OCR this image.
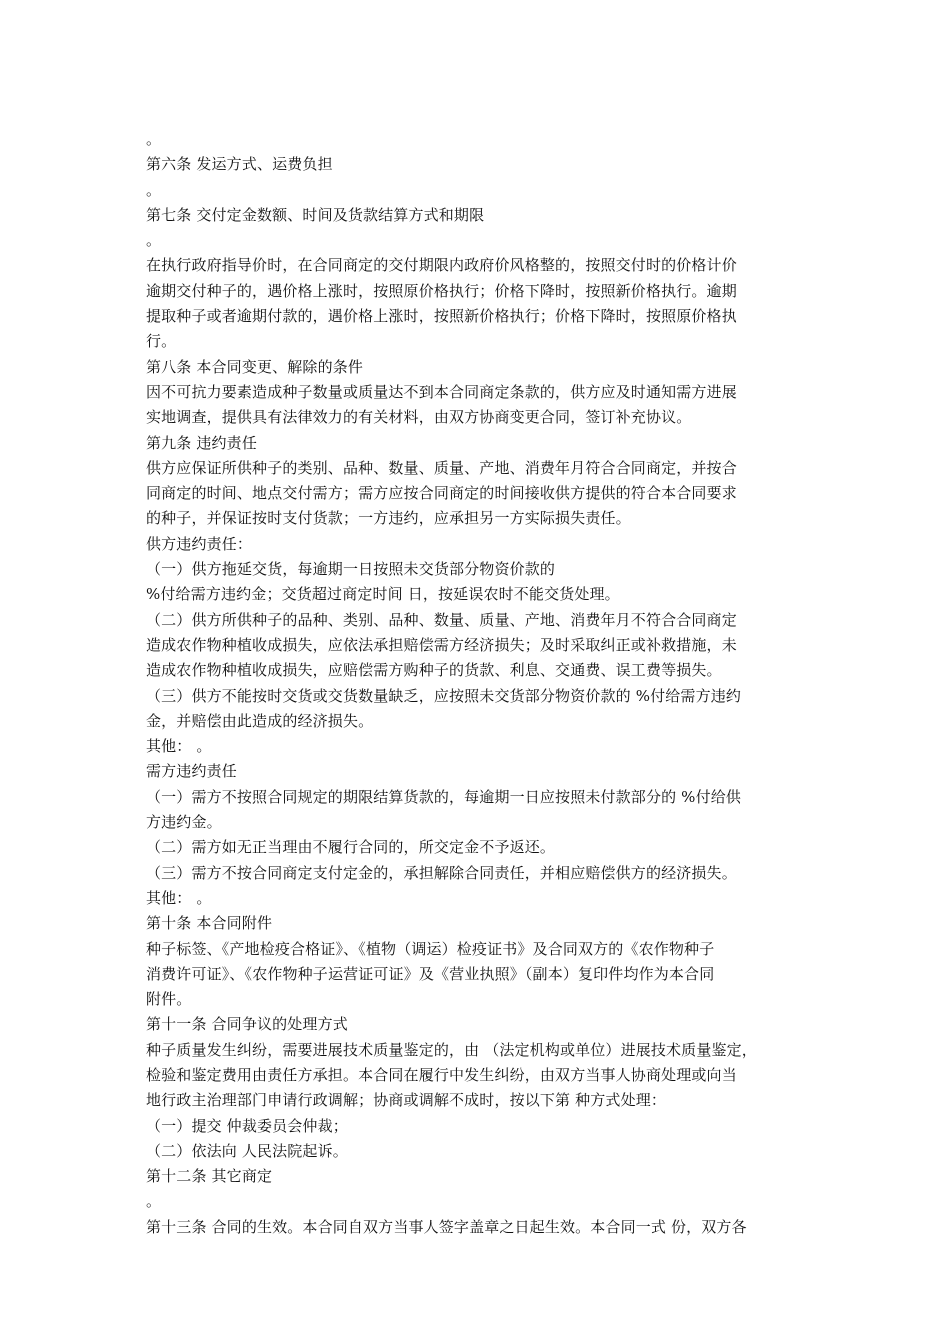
。
第六条 发运方式、运费负担
。
第七条 交付定金数额、时间及货款结算方式和期限
。
在执行政府指导价时，在合同商定的交付期限内政府价风格整的，按照交付时的价格计价
逾期交付种子的，遇价格上涨时，按照原价格执行；价格下降时，按照新价格执行。逾期
提取种子或者逾期付款的，遇价格上涨时，按照新价格执行；价格下降时，按照原价格执
行。
第八条 本合同变更、解除的条件
因不可抗力要素造成种子数量或质量达不到本合同商定条款的，供方应及时通知需方进展
实地调查，提供具有法律效力的有关材料，由双方协商变更合同，签订补充协议。
第九条 违约责任
供方应保证所供种子的类别、品种、数量、质量、产地、消费年月符合合同商定，并按合
同商定的时间、地点交付需方；需方应按合同商定的时间接收供方提供的符合本合同要求
的种子，并保证按时支付货款；一方违约，应承担另一方实际损失责任。
供方违约责任：
（一）供方拖延交货，每逾期一日按照未交货部分物资价款的
%付给需方违约金；交货超过商定时间 日，按延误农时不能交货处理。
（二）供方所供种子的品种、类别、品种、数量、质量、产地、消费年月不符合合同商定
造成农作物种植收成损失，应依法承担赔偿需方经济损失；及时采取纠正或补救措施，未
造成农作物种植收成损失，应赔偿需方购种子的货款、利息、交通费、误工费等损失。
（三）供方不能按时交货或交货数量缺乏，应按照未交货部分物资价款的 %付给需方违约
金，并赔偿由此造成的经济损失。
其他： 。
需方违约责任
（一）需方不按照合同规定的期限结算货款的，每逾期一日应按照未付款部分的 %付给供
方违约金。
（二）需方如无正当理由不履行合同的，所交定金不予返还。
（三）需方不按合同商定支付定金的，承担解除合同责任，并相应赔偿供方的经济损失。
其他： 。
第十条 本合同附件
种子标签、《产地检疫合格证》、《植物（调运）检疫证书》及合同双方的《农作物种子
消费许可证》、《农作物种子运营证可证》及《营业执照》（副本）复印件均作为本合同
附件。
第十一条 合同争议的处理方式
种子质量发生纠纷，需要进展技术质量鉴定的，由 （法定机构或单位）进展技术质量鉴定，
检验和鉴定费用由责任方承担。本合同在履行中发生纠纷，由双方当事人协商处理或向当
地行政主治理部门申请行政调解；协商或调解不成时，按以下第 种方式处理：
（一）提交 仲裁委员会仲裁；
（二）依法向 人民法院起诉。
第十二条 其它商定
。
第十三条 合同的生效。本合同自双方当事人签字盖章之日起生效。本合同一式 份，双方各
